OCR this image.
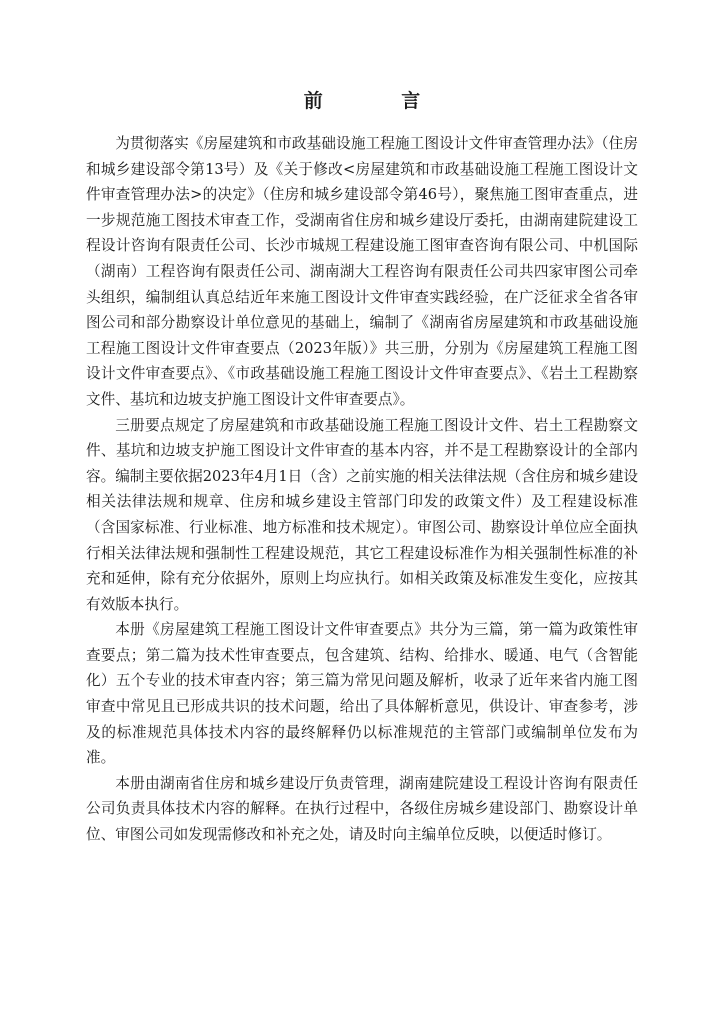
前 言

为贯彻落实《房屋建筑和市政基础设施工程施工图设计文件审查管理办法》（住房和城乡建设部令第13号）及《关于修改<房屋建筑和市政基础设施工程施工图设计文件审查管理办法>的决定》（住房和城乡建设部令第46号），聚焦施工图审查重点，进一步规范施工图技术审查工作，受湖南省住房和城乡建设厅委托，由湖南建院建设工程设计咨询有限责任公司、长沙市城规工程建设施工图审查咨询有限公司、中机国际（湖南）工程咨询有限责任公司、湖南湖大工程咨询有限责任公司共四家审图公司牵头组织，编制组认真总结近年来施工图设计文件审查实践经验，在广泛征求全省各审图公司和部分勘察设计单位意见的基础上，编制了《湖南省房屋建筑和市政基础设施工程施工图设计文件审查要点（2023年版）》共三册，分别为《房屋建筑工程施工图设计文件审查要点》、《市政基础设施工程施工图设计文件审查要点》、《岩土工程勘察文件、基坑和边坡支护施工图设计文件审查要点》。

三册要点规定了房屋建筑和市政基础设施工程施工图设计文件、岩土工程勘察文件、基坑和边坡支护施工图设计文件审查的基本内容，并不是工程勘察设计的全部内容。编制主要依据2023年4月1日（含）之前实施的相关法律法规（含住房和城乡建设相关法律法规和规章、住房和城乡建设主管部门印发的政策文件）及工程建设标准（含国家标准、行业标准、地方标准和技术规定）。审图公司、勘察设计单位应全面执行相关法律法规和强制性工程建设规范，其它工程建设标准作为相关强制性标准的补充和延伸，除有充分依据外，原则上均应执行。如相关政策及标准发生变化，应按其有效版本执行。

本册《房屋建筑工程施工图设计文件审查要点》共分为三篇，第一篇为政策性审查要点；第二篇为技术性审查要点，包含建筑、结构、给排水、暖通、电气（含智能化）五个专业的技术审查内容；第三篇为常见问题及解析，收录了近年来省内施工图审查中常见且已形成共识的技术问题，给出了具体解析意见，供设计、审查参考，涉及的标准规范具体技术内容的最终解释仍以标准规范的主管部门或编制单位发布为准。

本册由湖南省住房和城乡建设厅负责管理，湖南建院建设工程设计咨询有限责任公司负责具体技术内容的解释。在执行过程中，各级住房城乡建设部门、勘察设计单位、审图公司如发现需修改和补充之处，请及时向主编单位反映，以便适时修订。
